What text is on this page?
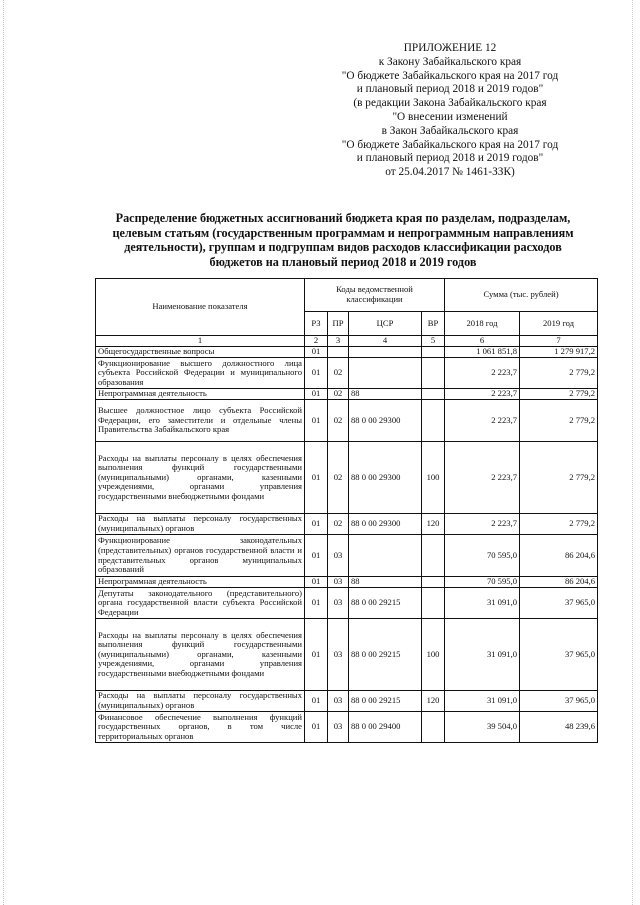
ПРИЛОЖЕНИЕ 12
к Закону Забайкальского края
"О бюджете Забайкальского края на 2017 год
и плановый период 2018 и 2019 годов"
(в редакции Закона Забайкальского края
"О внесении изменений
в Закон Забайкальского края
"О бюджете Забайкальского края на 2017 год
и плановый период 2018 и 2019 годов"
от 25.04.2017 № 1461-ЗЗК)
Распределение бюджетных ассигнований бюджета края по разделам, подразделам, целевым статьям (государственным программам и непрограммным направлениям деятельности), группам и подгруппам видов расходов классификации расходов бюджетов на плановый период 2018 и 2019 годов
Наименование показателя	Коды ведомственной классификации				Сумма (тыс. рублей)	
	РЗ	ПР	ЦСР	ВР	2018 год	2019 год
1	2	3	4	5	6	7
Общегосударственные вопросы	01				1 061 851,8	1 279 917,2
Функционирование высшего должностного лица субъекта Российской Федерации и муниципального образования	01	02			2 223,7	2 779,2
Непрограммная деятельность	01	02	88		2 223,7	2 779,2
Высшее должностное лицо субъекта Российской Федерации, его заместители и отдельные члены Правительства Забайкальского края	01	02	88 0 00 29300		2 223,7	2 779,2
Расходы на выплаты персоналу в целях обеспечения выполнения функций государственными (муниципальными) органами, казенными учреждениями, органами управления государственными внебюджетными фондами	01	02	88 0 00 29300	100	2 223,7	2 779,2
Расходы на выплаты персоналу государственных (муниципальных) органов	01	02	88 0 00 29300	120	2 223,7	2 779,2
Функционирование законодательных (представительных) органов государственной власти и представительных органов муниципальных образований	01	03			70 595,0	86 204,6
Непрограммная деятельность	01	03	88		70 595,0	86 204,6
Депутаты законодательного (представительного) органа государственной власти субъекта Российской Федерации	01	03	88 0 00 29215		31 091,0	37 965,0
Расходы на выплаты персоналу в целях обеспечения выполнения функций государственными (муниципальными) органами, казенными учреждениями, органами управления государственными внебюджетными фондами	01	03	88 0 00 29215	100	31 091,0	37 965,0
Расходы на выплаты персоналу государственных (муниципальных) органов	01	03	88 0 00 29215	120	31 091,0	37 965,0
Финансовое обеспечение выполнения функций государственных органов, в том числе территориальных органов	01	03	88 0 00 29400		39 504,0	48 239,6
